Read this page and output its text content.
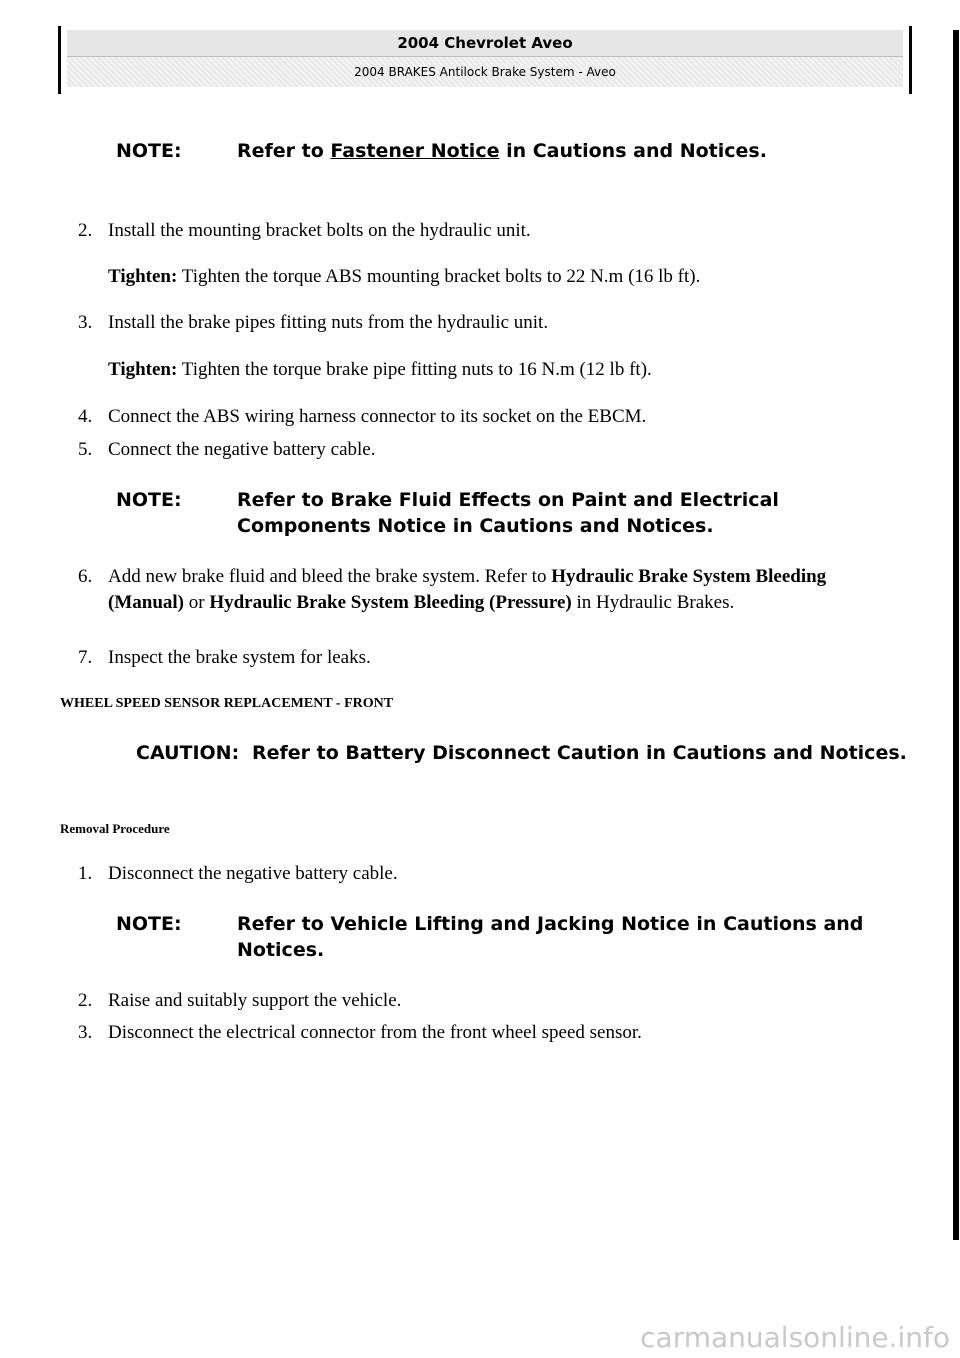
2004 Chevrolet Aveo
2004 BRAKES Antilock Brake System - Aveo
NOTE:	Refer to Fastener Notice in Cautions and Notices.
2. Install the mounting bracket bolts on the hydraulic unit.
Tighten: Tighten the torque ABS mounting bracket bolts to 22 N.m (16 lb ft).
3. Install the brake pipes fitting nuts from the hydraulic unit.
Tighten: Tighten the torque brake pipe fitting nuts to 16 N.m (12 lb ft).
4. Connect the ABS wiring harness connector to its socket on the EBCM.
5. Connect the negative battery cable.
NOTE:	Refer to Brake Fluid Effects on Paint and Electrical Components Notice in Cautions and Notices.
6. Add new brake fluid and bleed the brake system. Refer to Hydraulic Brake System Bleeding (Manual) or Hydraulic Brake System Bleeding (Pressure) in Hydraulic Brakes.
7. Inspect the brake system for leaks.
WHEEL SPEED SENSOR REPLACEMENT - FRONT
CAUTION: Refer to Battery Disconnect Caution in Cautions and Notices.
Removal Procedure
1. Disconnect the negative battery cable.
NOTE:	Refer to Vehicle Lifting and Jacking Notice in Cautions and Notices.
2. Raise and suitably support the vehicle.
3. Disconnect the electrical connector from the front wheel speed sensor.
carmanualsonline.info
